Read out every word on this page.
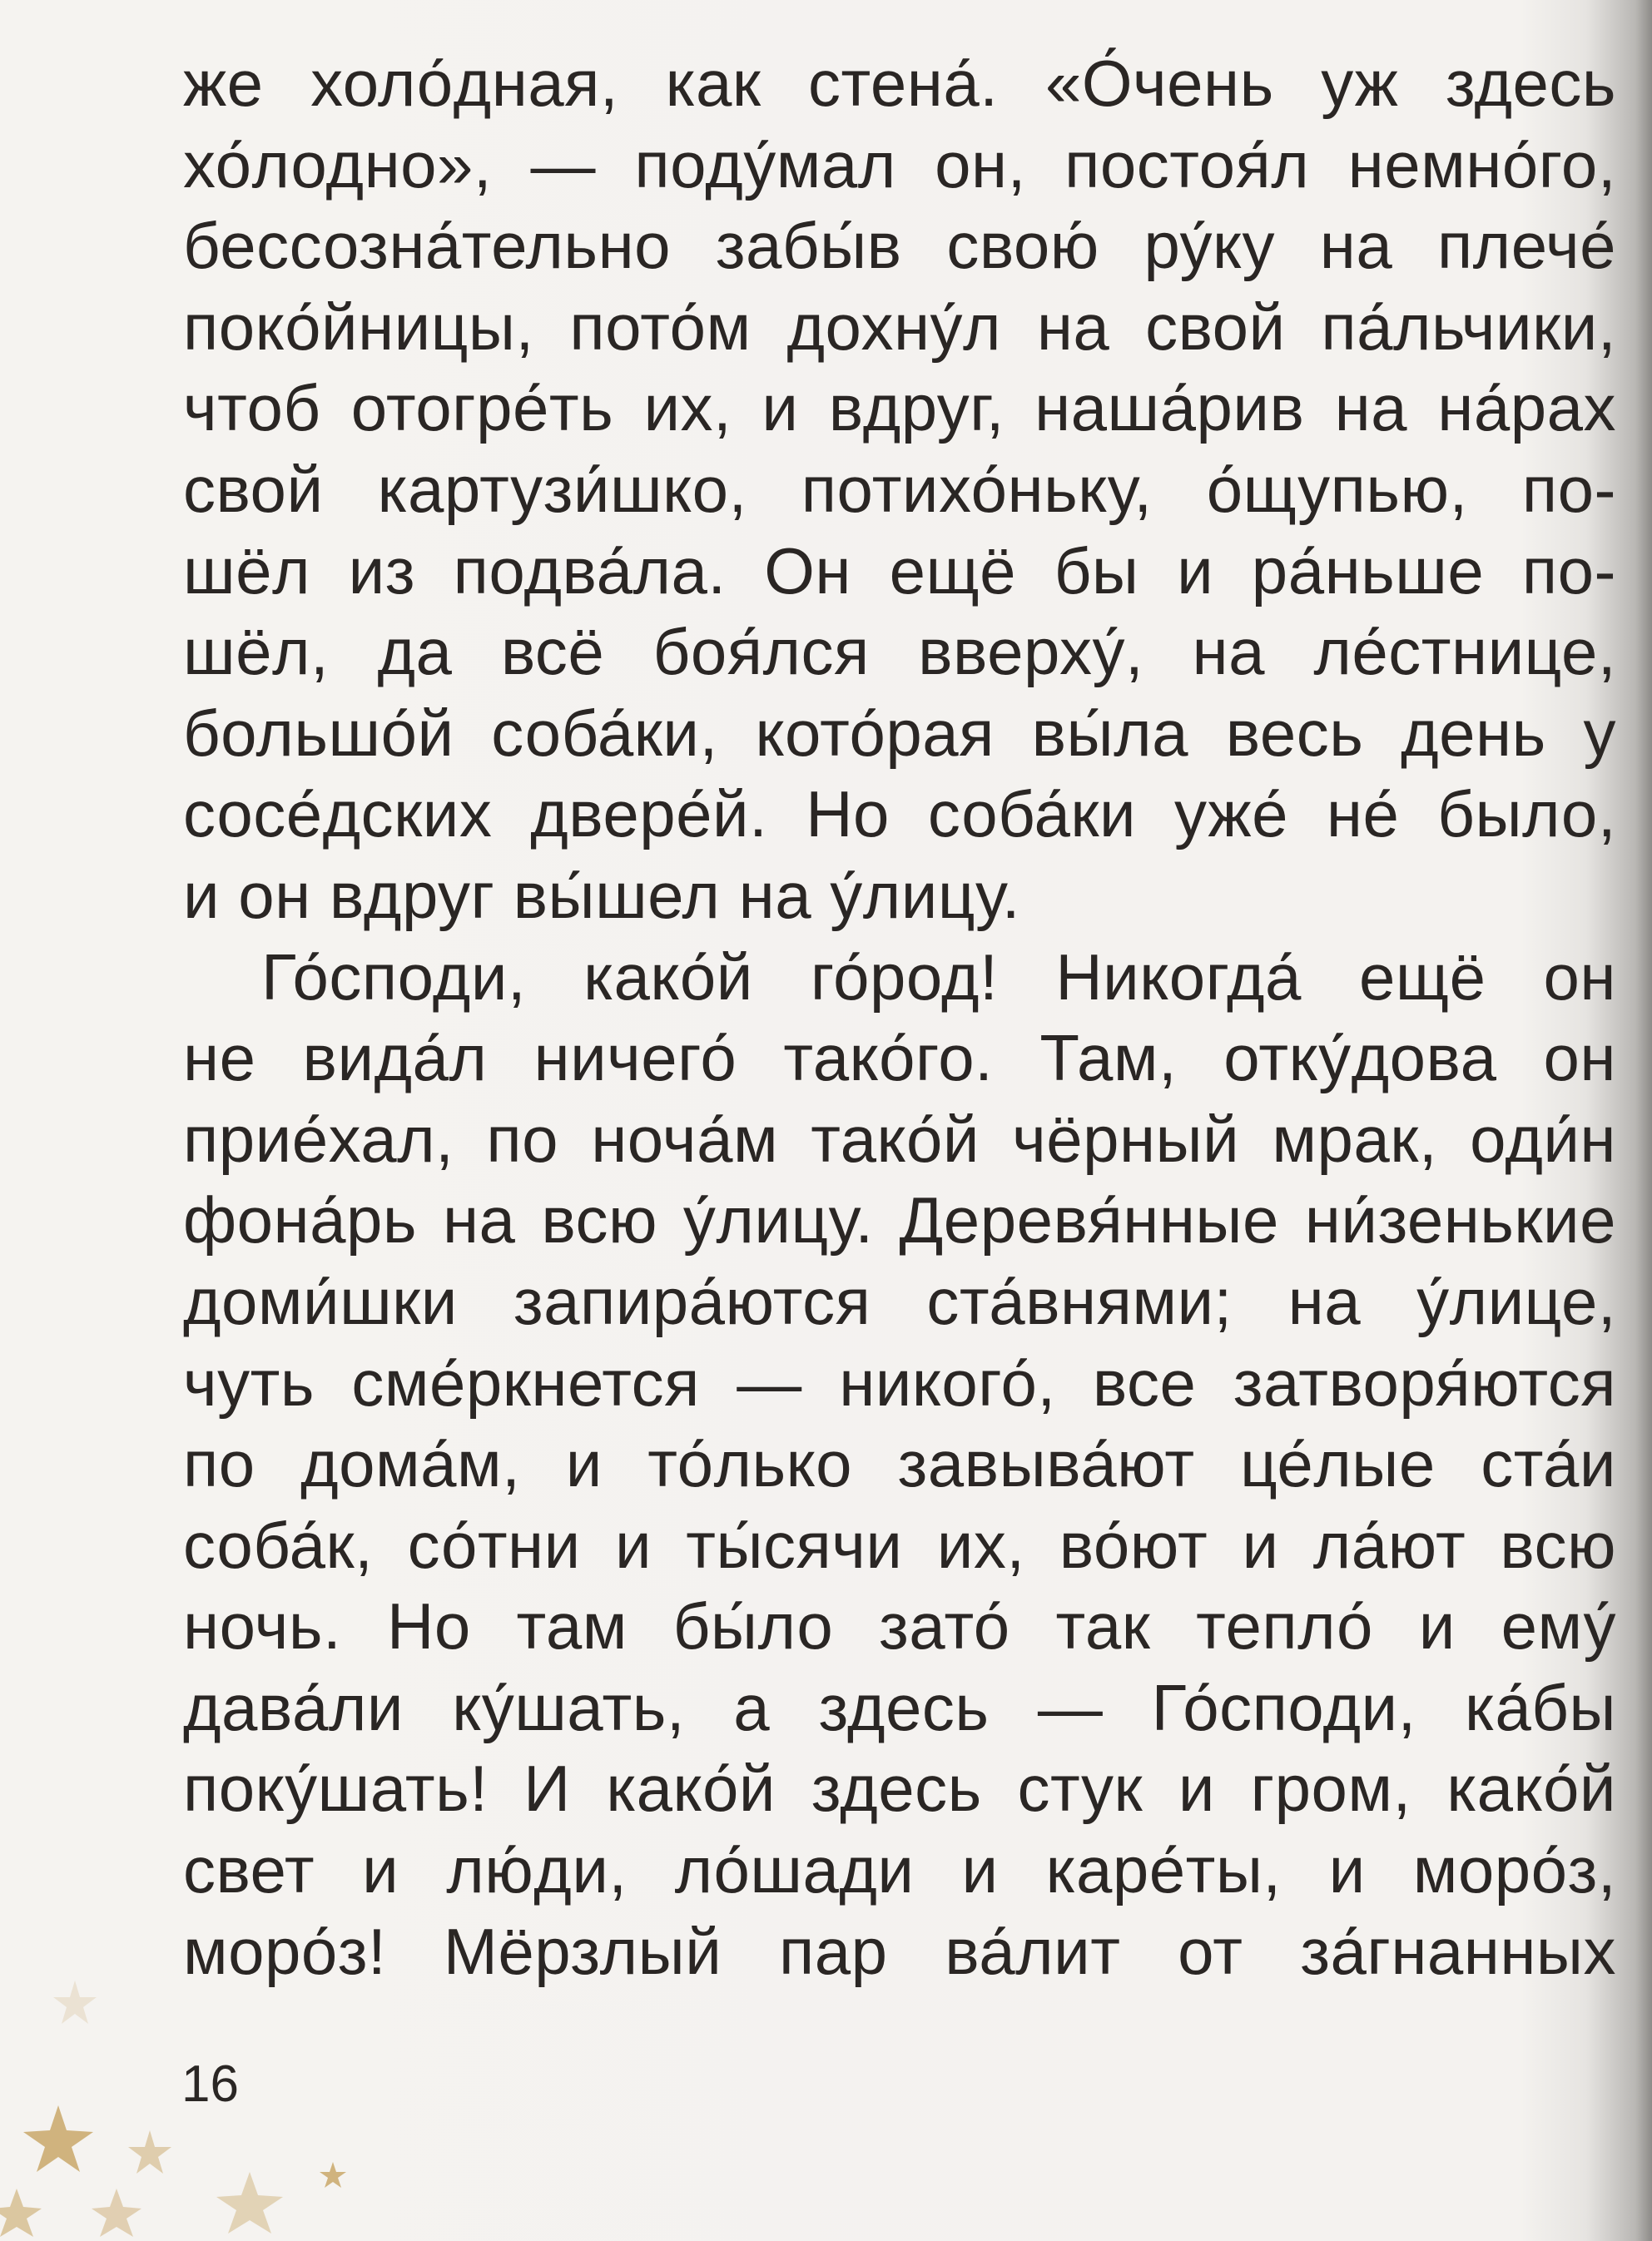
же холо́дная, как стена́. «О́чень уж здесь
хо́лодно», — поду́мал он, постоя́л немно́го,
бессозна́тельно забы́в свою́ ру́ку на плече́
поко́йницы, пото́м дохну́л на свой па́льчики,
чтоб отогре́ть их, и вдруг, наша́рив на на́рах
свой картузи́шко, потихо́ньку, о́щупью, по-
шёл из подва́ла. Он ещё бы и ра́ньше по-
шёл, да всё боя́лся вверху́, на ле́стнице,
большо́й соба́ки, кото́рая вы́ла весь день у
сосе́дских двере́й. Но соба́ки уже́ не́ было,
и он вдруг вы́шел на у́лицу.
Го́споди, како́й го́род! Никогда́ ещё он
не вида́л ничего́ тако́го. Там, отку́дова он
прие́хал, по ноча́м тако́й чёрный мрак, оди́н
фона́рь на всю у́лицу. Деревя́нные ни́зенькие
доми́шки запира́ются ста́внями; на у́лице,
чуть сме́ркнется — никого́, все затворя́ются
по дома́м, и то́лько завыва́ют це́лые ста́и
соба́к, со́тни и ты́сячи их, во́ют и ла́ют всю
ночь. Но там бы́ло зато́ так тепло́ и ему́
дава́ли ку́шать, а здесь — Го́споди, ка́бы
поку́шать! И како́й здесь стук и гром, како́й
свет и лю́ди, ло́шади и каре́ты, и моро́з,
моро́з! Мёрзлый пар ва́лит от за́гнанных
16
